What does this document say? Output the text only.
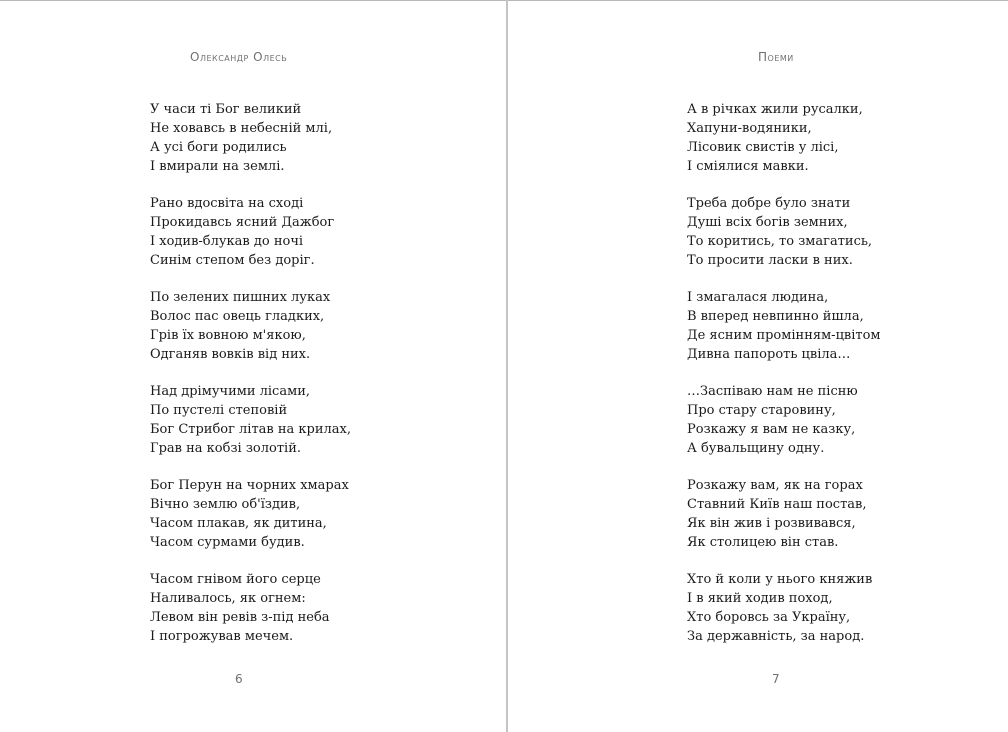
Олександр Олесь
У часи ті Бог великий
Не ховавсь в небесній млі,
А усі боги родились
І вмирали на землі.
Рано вдосвіта на сході
Прокидавсь ясний Дажбог
І ходив-блукав до ночі
Синім степом без доріг.
По зелених пишних луках
Волос пас овець гладких,
Грів їх вовною м'якою,
Одганяв вовків від них.
Над дрімучими лісами,
По пустелі степовій
Бог Стрибог літав на крилах,
Грав на кобзі золотій.
Бог Перун на чорних хмарах
Вічно землю об'їздив,
Часом плакав, як дитина,
Часом сурмами будив.
Часом гнівом його серце
Наливалось, як огнем:
Левом він ревів з-під неба
І погрожував мечем.
6
Поеми
А в річках жили русалки,
Хапуни-водяники,
Лісовик свистів у лісі,
І сміялися мавки.
Треба добре було знати
Душі всіх богів земних,
То коритись, то змагатись,
То просити ласки в них.
І змагалася людина,
В вперед невпинно йшла,
Де ясним промінням-цвітом
Дивна папороть цвіла…
…Заспіваю нам не пісню
Про стару старовину,
Розкажу я вам не казку,
А бувальщину одну.
Розкажу вам, як на горах
Ставний Київ наш постав,
Як він жив і розвивався,
Як столицею він став.
Хто й коли у нього княжив
І в який ходив поход,
Хто боровсь за Україну,
За державність, за народ.
7
